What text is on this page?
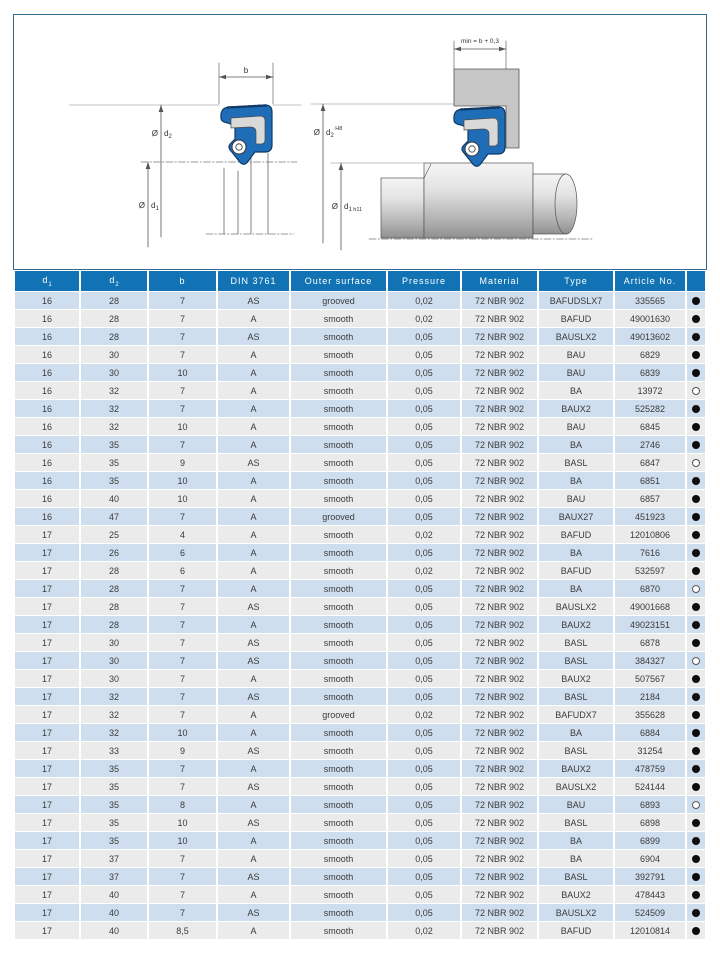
b
Ø $d_2$
Ø $d_1$
min = b + 0,3
Ø $d_2^{H8}$
Ø $d_1$ h11
$d_1$	$d_2$	b	DIN 3761	Outer surface	Pressure	Material	Type	Article No.	
16	28	7	AS	grooved	0,02	72 NBR 902	BAFUDSLX7	335565	
16	28	7	A	smooth	0,02	72 NBR 902	BAFUD	49001630	
16	28	7	AS	smooth	0,05	72 NBR 902	BAUSLX2	49013602	
16	30	7	A	smooth	0,05	72 NBR 902	BAU	6829	
16	30	10	A	smooth	0,05	72 NBR 902	BAU	6839	
16	32	7	A	smooth	0,05	72 NBR 902	BA	13972	
16	32	7	A	smooth	0,05	72 NBR 902	BAUX2	525282	
16	32	10	A	smooth	0,05	72 NBR 902	BAU	6845	
16	35	7	A	smooth	0,05	72 NBR 902	BA	2746	
16	35	9	AS	smooth	0,05	72 NBR 902	BASL	6847	
16	35	10	A	smooth	0,05	72 NBR 902	BA	6851	
16	40	10	A	smooth	0,05	72 NBR 902	BAU	6857	
16	47	7	A	grooved	0,05	72 NBR 902	BAUX27	451923	
17	25	4	A	smooth	0,02	72 NBR 902	BAFUD	12010806	
17	26	6	A	smooth	0,05	72 NBR 902	BA	7616	
17	28	6	A	smooth	0,02	72 NBR 902	BAFUD	532597	
17	28	7	A	smooth	0,05	72 NBR 902	BA	6870	
17	28	7	AS	smooth	0,05	72 NBR 902	BAUSLX2	49001668	
17	28	7	A	smooth	0,05	72 NBR 902	BAUX2	49023151	
17	30	7	AS	smooth	0,05	72 NBR 902	BASL	6878	
17	30	7	AS	smooth	0,05	72 NBR 902	BASL	384327	
17	30	7	A	smooth	0,05	72 NBR 902	BAUX2	507567	
17	32	7	AS	smooth	0,05	72 NBR 902	BASL	2184	
17	32	7	A	grooved	0,02	72 NBR 902	BAFUDX7	355628	
17	32	10	A	smooth	0,05	72 NBR 902	BA	6884	
17	33	9	AS	smooth	0,05	72 NBR 902	BASL	31254	
17	35	7	A	smooth	0,05	72 NBR 902	BAUX2	478759	
17	35	7	AS	smooth	0,05	72 NBR 902	BAUSLX2	524144	
17	35	8	A	smooth	0,05	72 NBR 902	BAU	6893	
17	35	10	AS	smooth	0,05	72 NBR 902	BASL	6898	
17	35	10	A	smooth	0,05	72 NBR 902	BA	6899	
17	37	7	A	smooth	0,05	72 NBR 902	BA	6904	
17	37	7	AS	smooth	0,05	72 NBR 902	BASL	392791	
17	40	7	A	smooth	0,05	72 NBR 902	BAUX2	478443	
17	40	7	AS	smooth	0,05	72 NBR 902	BAUSLX2	524509	
17	40	8,5	A	smooth	0,02	72 NBR 902	BAFUD	12010814	
